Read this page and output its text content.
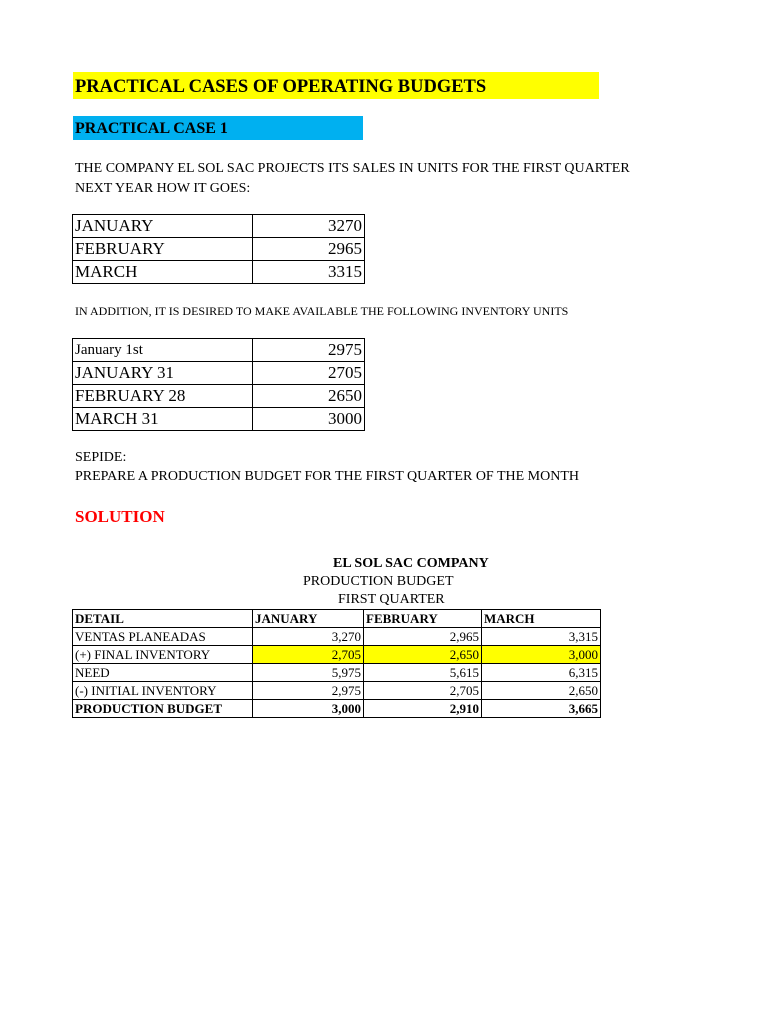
PRACTICAL CASES OF OPERATING BUDGETS
PRACTICAL CASE 1
THE COMPANY EL SOL SAC PROJECTS ITS SALES IN UNITS FOR THE FIRST QUARTER
NEXT YEAR HOW IT GOES:
JANUARY	3270
FEBRUARY	2965
MARCH	3315
IN ADDITION, IT IS DESIRED TO MAKE AVAILABLE THE FOLLOWING INVENTORY UNITS
January 1st	2975
JANUARY 31	2705
FEBRUARY 28	2650
MARCH 31	3000
SEPIDE:
PREPARE A PRODUCTION BUDGET FOR THE FIRST QUARTER OF THE MONTH
SOLUTION
EL SOL SAC COMPANY
PRODUCTION BUDGET
FIRST QUARTER
DETAIL	JANUARY	FEBRUARY	MARCH
VENTAS PLANEADAS	3,270	2,965	3,315
(+) FINAL INVENTORY	2,705	2,650	3,000
NEED	5,975	5,615	6,315
(-) INITIAL INVENTORY	2,975	2,705	2,650
PRODUCTION BUDGET	3,000	2,910	3,665
